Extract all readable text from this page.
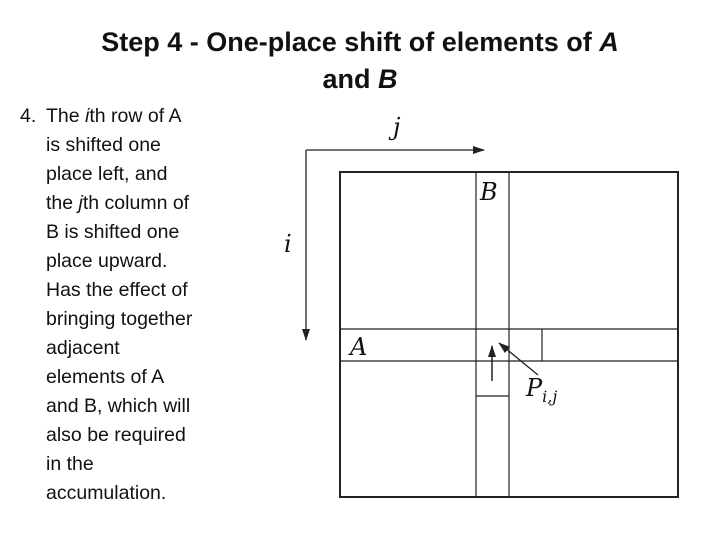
Step 4 - One-place shift of elements of A
and B
4. The ith row of A
is shifted one
place left, and
the jth column of
B is shifted one
place upward.
Has the effect of
bringing together
adjacent
elements of A
and B, which will
also be required
in the
accumulation.
j
i
B
A
$P_{i,j}$
